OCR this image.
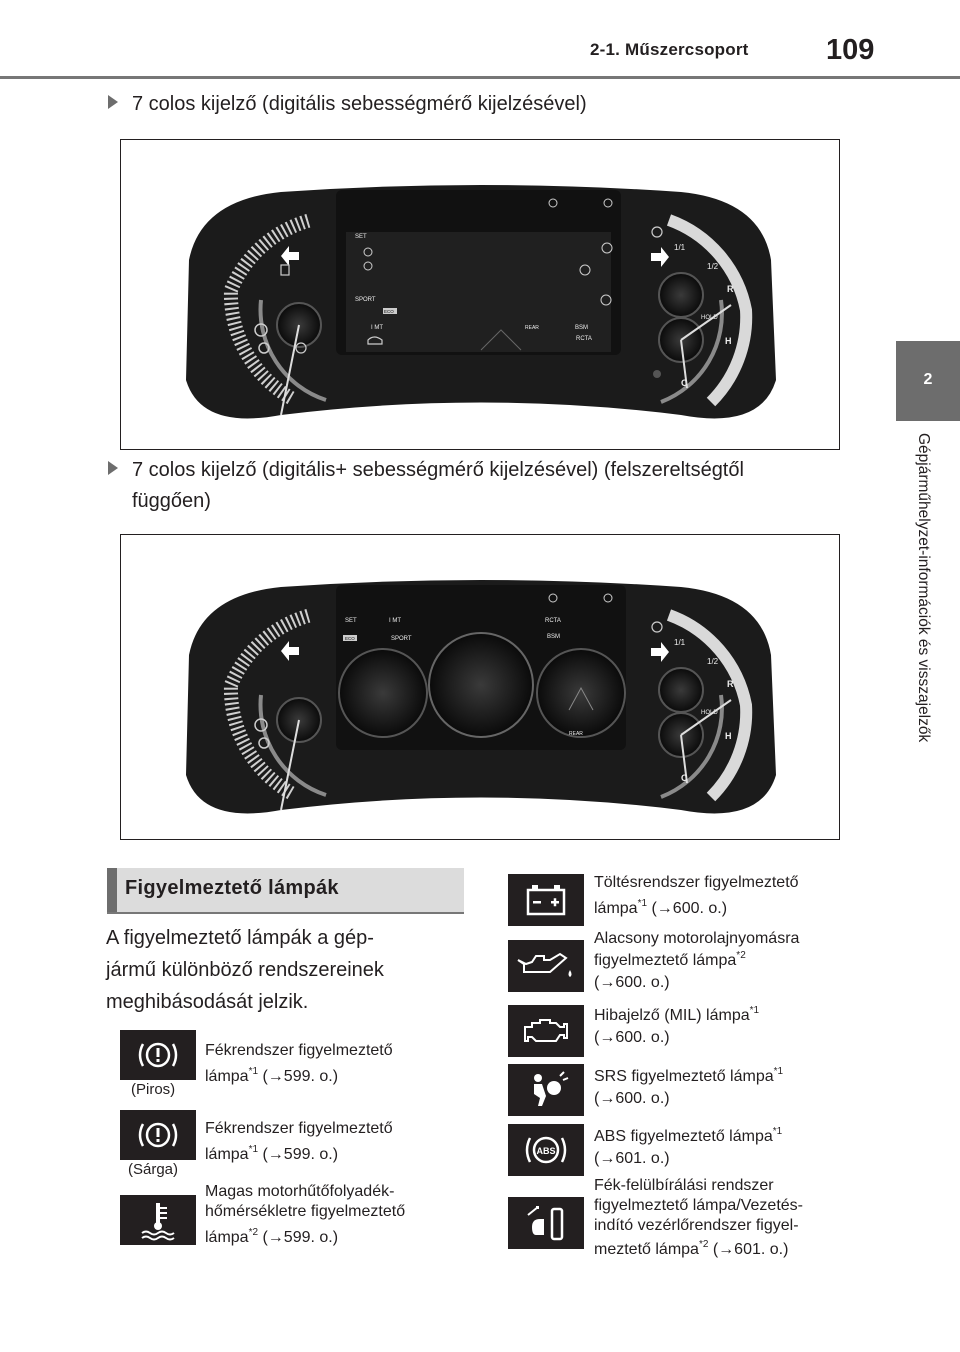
2-1. Műszercsoport	109
2
Gépjárműhelyzet-információk és visszajelzők
7 colos kijelző (digitális sebességmérő kijelzésével)
SET
SPORT
ECO
I MT	REAR	BSM
RCTA
1/1
1/2
R
HOLD
H
C
7 colos kijelző (digitális+ sebességmérő kijelzésével) (felszereltségtől
függően)
SET
ECO
I MT
SPORT
RCTA
BSM
REAR
1/1
1/2
R
HOLD
H
C
Figyelmeztető lámpák
A figyelmeztető lámpák a gép-
jármű különböző rendszereinek
meghibásodását jelzik.
(Piros)
Fékrendszer figyelmeztető
lámpa$^{*1}$ (→599. o.)
(Sárga)
Fékrendszer figyelmeztető
lámpa$^{*1}$ (→599. o.)
Magas motorhűtőfolyadék-
hőmérsékletre figyelmeztető
lámpa$^{*2}$ (→599. o.)
Töltésrendszer figyelmeztető
lámpa$^{*1}$ (→600. o.)
Alacsony motorolajnyomásra
figyelmeztető lámpa$^{*2}$
(→600. o.)
Hibajelző (MIL) lámpa$^{*1}$
(→600. o.)
SRS figyelmeztető lámpa$^{*1}$
(→600. o.)
ABS
ABS figyelmeztető lámpa$^{*1}$
(→601. o.)
Fék-felülbírálási rendszer
figyelmeztető lámpa/Vezetés-
indító vezérlőrendszer figyel-
meztető lámpa$^{*2}$ (→601. o.)
